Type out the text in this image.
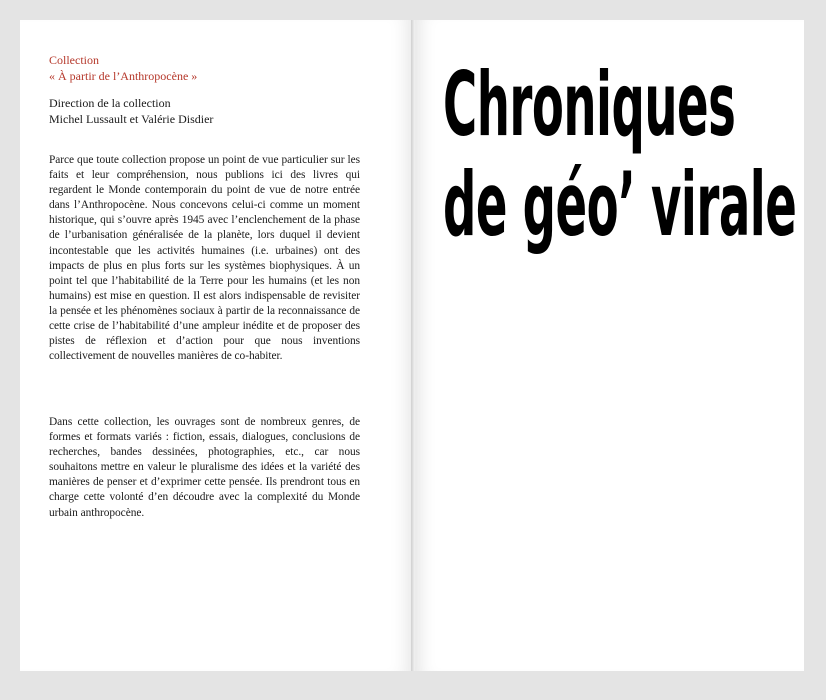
Collection
« À partir de l’Anthropocène »
Direction de la collection
Michel Lussault et Valérie Disdier

Parce que toute collection propose un point de vue particulier sur les faits et leur compréhension, nous publions ici des livres qui regardent le Monde contemporain du point de vue de notre entrée dans l’Anthropocène. Nous concevons celui-ci comme un moment historique, qui s’ouvre après 1945 avec l’enclenchement de la phase de l’urbanisation généralisée de la planète, lors duquel il devient incontestable que les activités humaines (i.e. urbaines) ont des impacts de plus en plus forts sur les systèmes biophysiques. À un point tel que l’habitabilité de la Terre pour les humains (et les non humains) est mise en question. Il est alors indispensable de revisiter la pensée et les phénomènes sociaux à partir de la reconnaissance de cette crise de l’habitabilité d’une ampleur inédite et de proposer des pistes de réflexion et d’action pour que nous inventions collectivement de nouvelles manières de co-habiter.

Dans cette collection, les ouvrages sont de nombreux genres, de formes et formats variés : fiction, essais, dialogues, conclusions de recherches, bandes dessinées, photographies, etc., car nous souhaitons mettre en valeur le pluralisme des idées et la variété des manières de penser et d’exprimer cette pensée. Ils prendront tous en charge cette volonté d’en découdre avec la complexité du Monde urbain anthropocène.

Chroniques
de géo’ virale
